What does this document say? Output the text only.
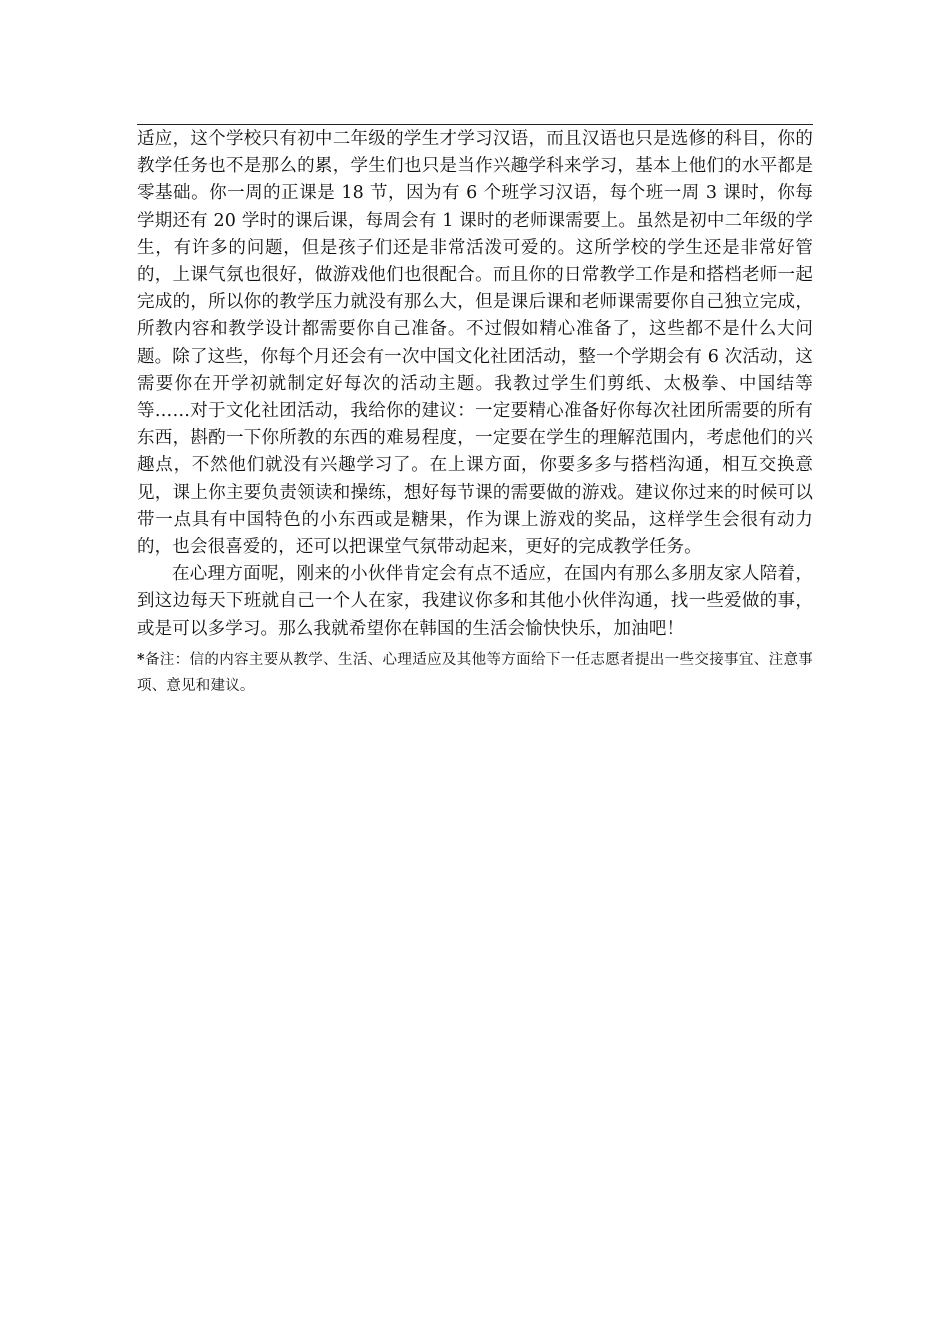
适应，这个学校只有初中二年级的学生才学习汉语，而且汉语也只是选修的科目，你的教学任务也不是那么的累，学生们也只是当作兴趣学科来学习，基本上他们的水平都是零基础。你一周的正课是 18 节，因为有 6 个班学习汉语，每个班一周 3 课时，你每学期还有 20 学时的课后课，每周会有 1 课时的老师课需要上。虽然是初中二年级的学生，有许多的问题，但是孩子们还是非常活泼可爱的。这所学校的学生还是非常好管的，上课气氛也很好，做游戏他们也很配合。而且你的日常教学工作是和搭档老师一起完成的，所以你的教学压力就没有那么大，但是课后课和老师课需要你自己独立完成，所教内容和教学设计都需要你自己准备。不过假如精心准备了，这些都不是什么大问题。除了这些，你每个月还会有一次中国文化社团活动，整一个学期会有 6 次活动，这需要你在开学初就制定好每次的活动主题。我教过学生们剪纸、太极拳、中国结等等……对于文化社团活动，我给你的建议：一定要精心准备好你每次社团所需要的所有东西，斟酌一下你所教的东西的难易程度，一定要在学生的理解范围内，考虑他们的兴趣点，不然他们就没有兴趣学习了。在上课方面，你要多多与搭档沟通，相互交换意见，课上你主要负责领读和操练，想好每节课的需要做的游戏。建议你过来的时候可以带一点具有中国特色的小东西或是糖果，作为课上游戏的奖品，这样学生会很有动力的，也会很喜爱的，还可以把课堂气氛带动起来，更好的完成教学任务。

在心理方面呢，刚来的小伙伴肯定会有点不适应，在国内有那么多朋友家人陪着，到这边每天下班就自己一个人在家，我建议你多和其他小伙伴沟通，找一些爱做的事，或是可以多学习。那么我就希望你在韩国的生活会愉快快乐，加油吧！

*备注：信的内容主要从教学、生活、心理适应及其他等方面给下一任志愿者提出一些交接事宜、注意事项、意见和建议。
